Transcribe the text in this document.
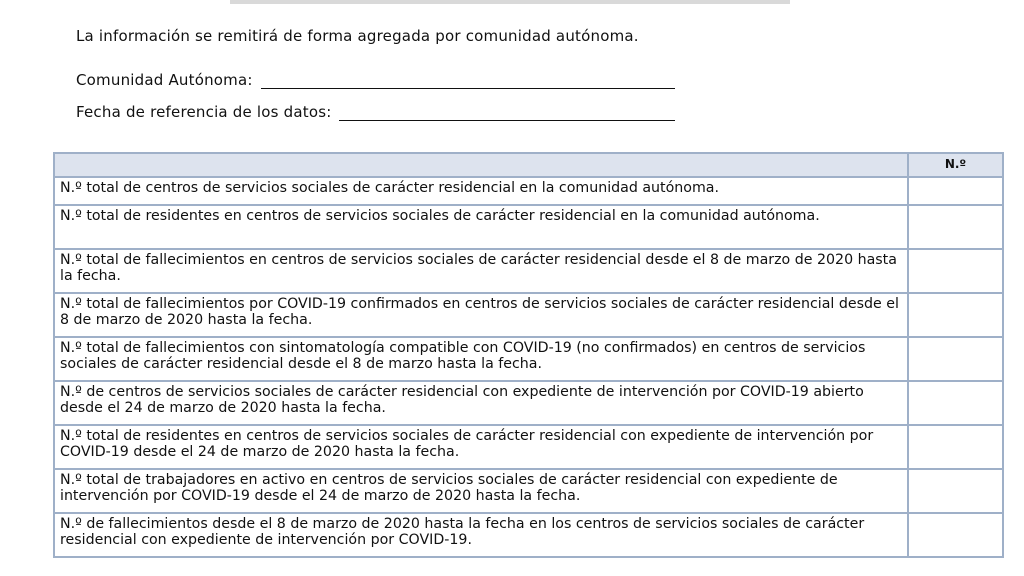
La información se remitirá de forma agregada por comunidad autónoma.
Comunidad Autónoma:
Fecha de referencia de los datos:
	N.º
N.º total de centros de servicios sociales de carácter residencial en la comunidad autónoma.	
N.º total de residentes en centros de servicios sociales de carácter residencial en la comunidad autónoma.	
N.º total de fallecimientos en centros de servicios sociales de carácter residencial desde el 8 de marzo de 2020 hasta la fecha.	
N.º total de fallecimientos por COVID-19 confirmados en centros de servicios sociales de carácter residencial desde el 8 de marzo de 2020 hasta la fecha.	
N.º total de fallecimientos con sintomatología compatible con COVID-19 (no confirmados) en centros de servicios sociales de carácter residencial desde el 8 de marzo hasta la fecha.	
N.º de centros de servicios sociales de carácter residencial con expediente de intervención por COVID-19 abierto desde el 24 de marzo de 2020 hasta la fecha.	
N.º total de residentes en centros de servicios sociales de carácter residencial con expediente de intervención por COVID-19 desde el 24 de marzo de 2020 hasta la fecha.	
N.º total de trabajadores en activo en centros de servicios sociales de carácter residencial con expediente de intervención por COVID-19 desde el 24 de marzo de 2020 hasta la fecha.	
N.º de fallecimientos desde el 8 de marzo de 2020 hasta la fecha en los centros de servicios sociales de carácter residencial con expediente de intervención por COVID-19.	
